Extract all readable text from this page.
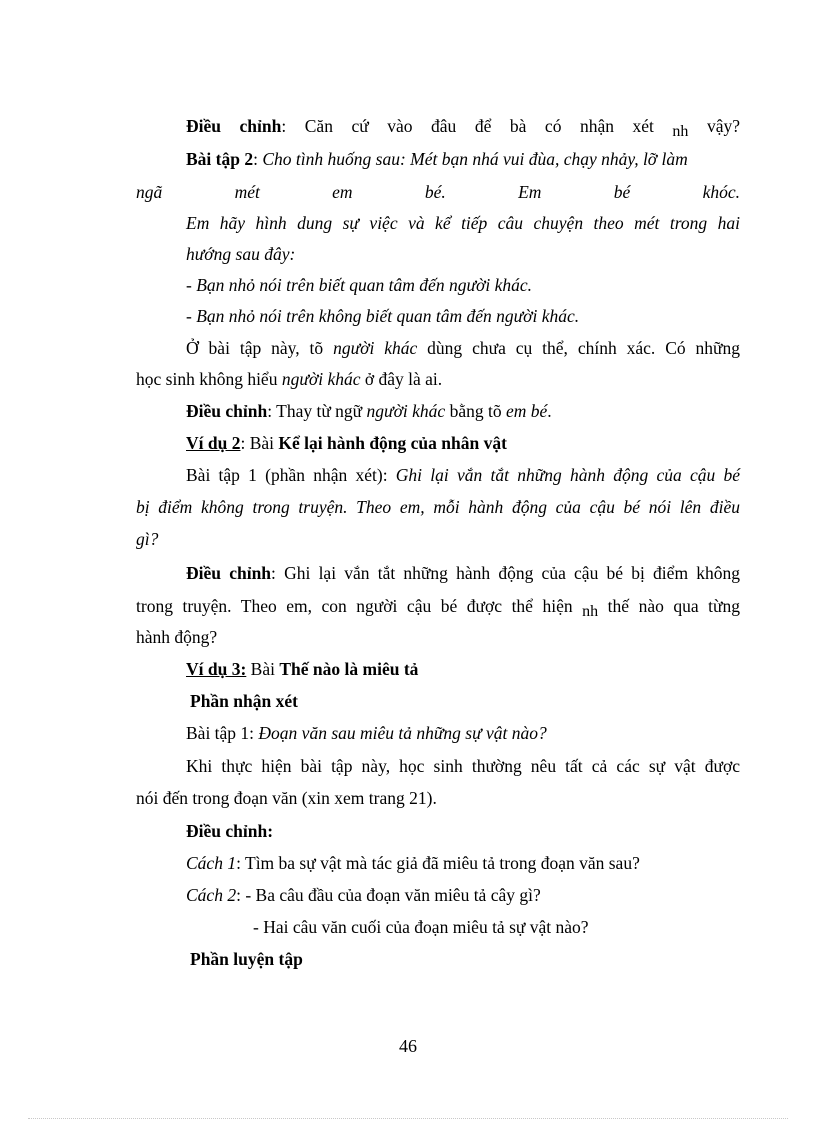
Điều chỉnh: Căn cứ vào đâu để bà có nhận xét nh vậy?
Bài tập 2: Cho tình huống sau: Mét bạn nhá vui đùa, chạy nhảy, lỡ làm
ngã	mét	em	bé.	Em	bé	khóc.
Em hãy hình dung sự việc và kể tiếp câu chuyện theo mét trong hai
hướng sau đây:
- Bạn nhỏ nói trên biết quan tâm đến người khác.
- Bạn nhỏ nói trên không biết quan tâm đến người khác.
Ở bài tập này, tõ người khác dùng chưa cụ thể, chính xác. Có những
học sinh không hiểu người khác ở đây là ai.
Điều chỉnh: Thay từ ngữ người khác bằng tõ em bé.
Ví dụ 2: Bài Kể lại hành động của nhân vật
Bài tập 1 (phần nhận xét): Ghi lại vắn tắt những hành động của cậu bé
bị điểm không trong truyện. Theo em, mỗi hành động của cậu bé nói lên điều
gì?
Điều chỉnh: Ghi lại vắn tắt những hành động của cậu bé bị điểm không
trong truyện. Theo em, con người cậu bé được thể hiện nh thế nào qua từng
hành động?
Ví dụ 3: Bài Thế nào là miêu tả
Phần nhận xét
Bài tập 1: Đoạn văn sau miêu tả những sự vật nào?
Khi thực hiện bài tập này, học sinh thường nêu tất cả các sự vật được
nói đến trong đoạn văn (xin xem trang 21).
Điều chỉnh:
Cách 1: Tìm ba sự vật mà tác giả đã miêu tả trong đoạn văn sau?
Cách 2: - Ba câu đầu của đoạn văn miêu tả cây gì?
- Hai câu văn cuối của đoạn miêu tả sự vật nào?
Phần luyện tập
46
